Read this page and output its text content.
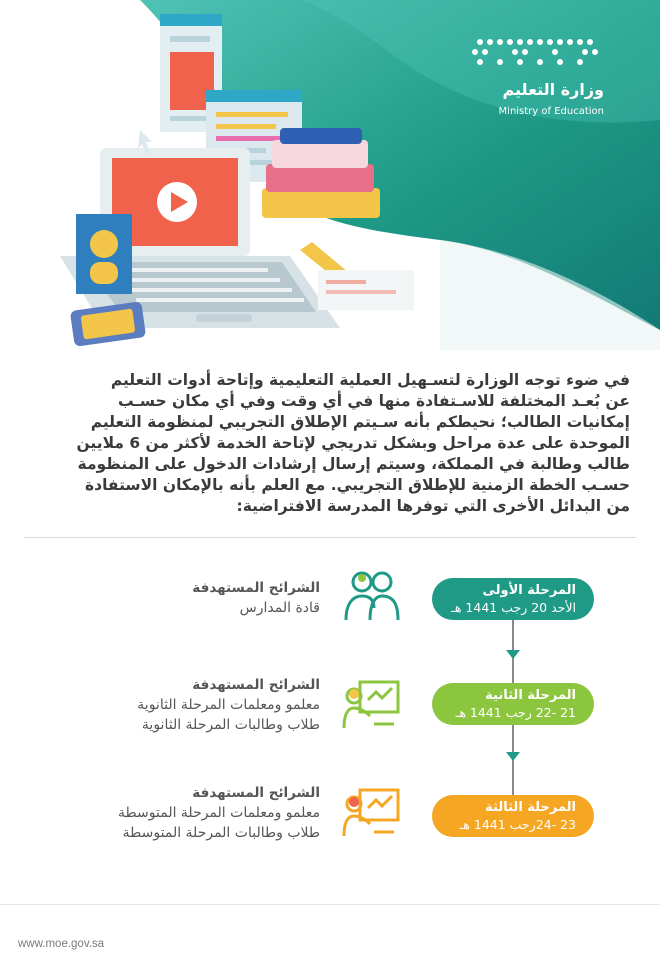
وزارة التعليم
Ministry of Education
في ضوء توجه الوزارة لتسـهيل العملية التعليمية وإتاحة أدوات التعليم
عن بُعـد المختلفة للاسـتفادة منها في أي وقت وفي أي مكان حسـب
إمكانيات الطالب؛ نحيطكم بأنه سـيتم الإطلاق التجريبي لمنظومة التعليم
الموحدة على عدة مراحل وبشكل تدريجي لإتاحة الخدمة لأكثر من 6 ملايين
طالب وطالبة في المملكة، وسيتم إرسال إرشادات الدخول على المنظومة
حسـب الخطة الزمنية للإطلاق التجريبي. مع العلم بأنه بالإمكان الاستفادة
من البدائل الأخرى التي توفرها المدرسة الافتراضية:
المرحلة الأولى
الأحد 20 رجب 1441 هـ
الشرائح المستهدفة
قادة المدارس
المرحلة الثانية
21 -22 رجب 1441 هـ
الشرائح المستهدفة
معلمو ومعلمات المرحلة الثانوية
طلاب وطالبات المرحلة الثانوية
المرحلة الثالثة
23 -24رجب 1441 هـ
الشرائح المستهدفة
معلمو ومعلمات المرحلة المتوسطة
طلاب وطالبات المرحلة المتوسطة
www.moe.gov.sa
